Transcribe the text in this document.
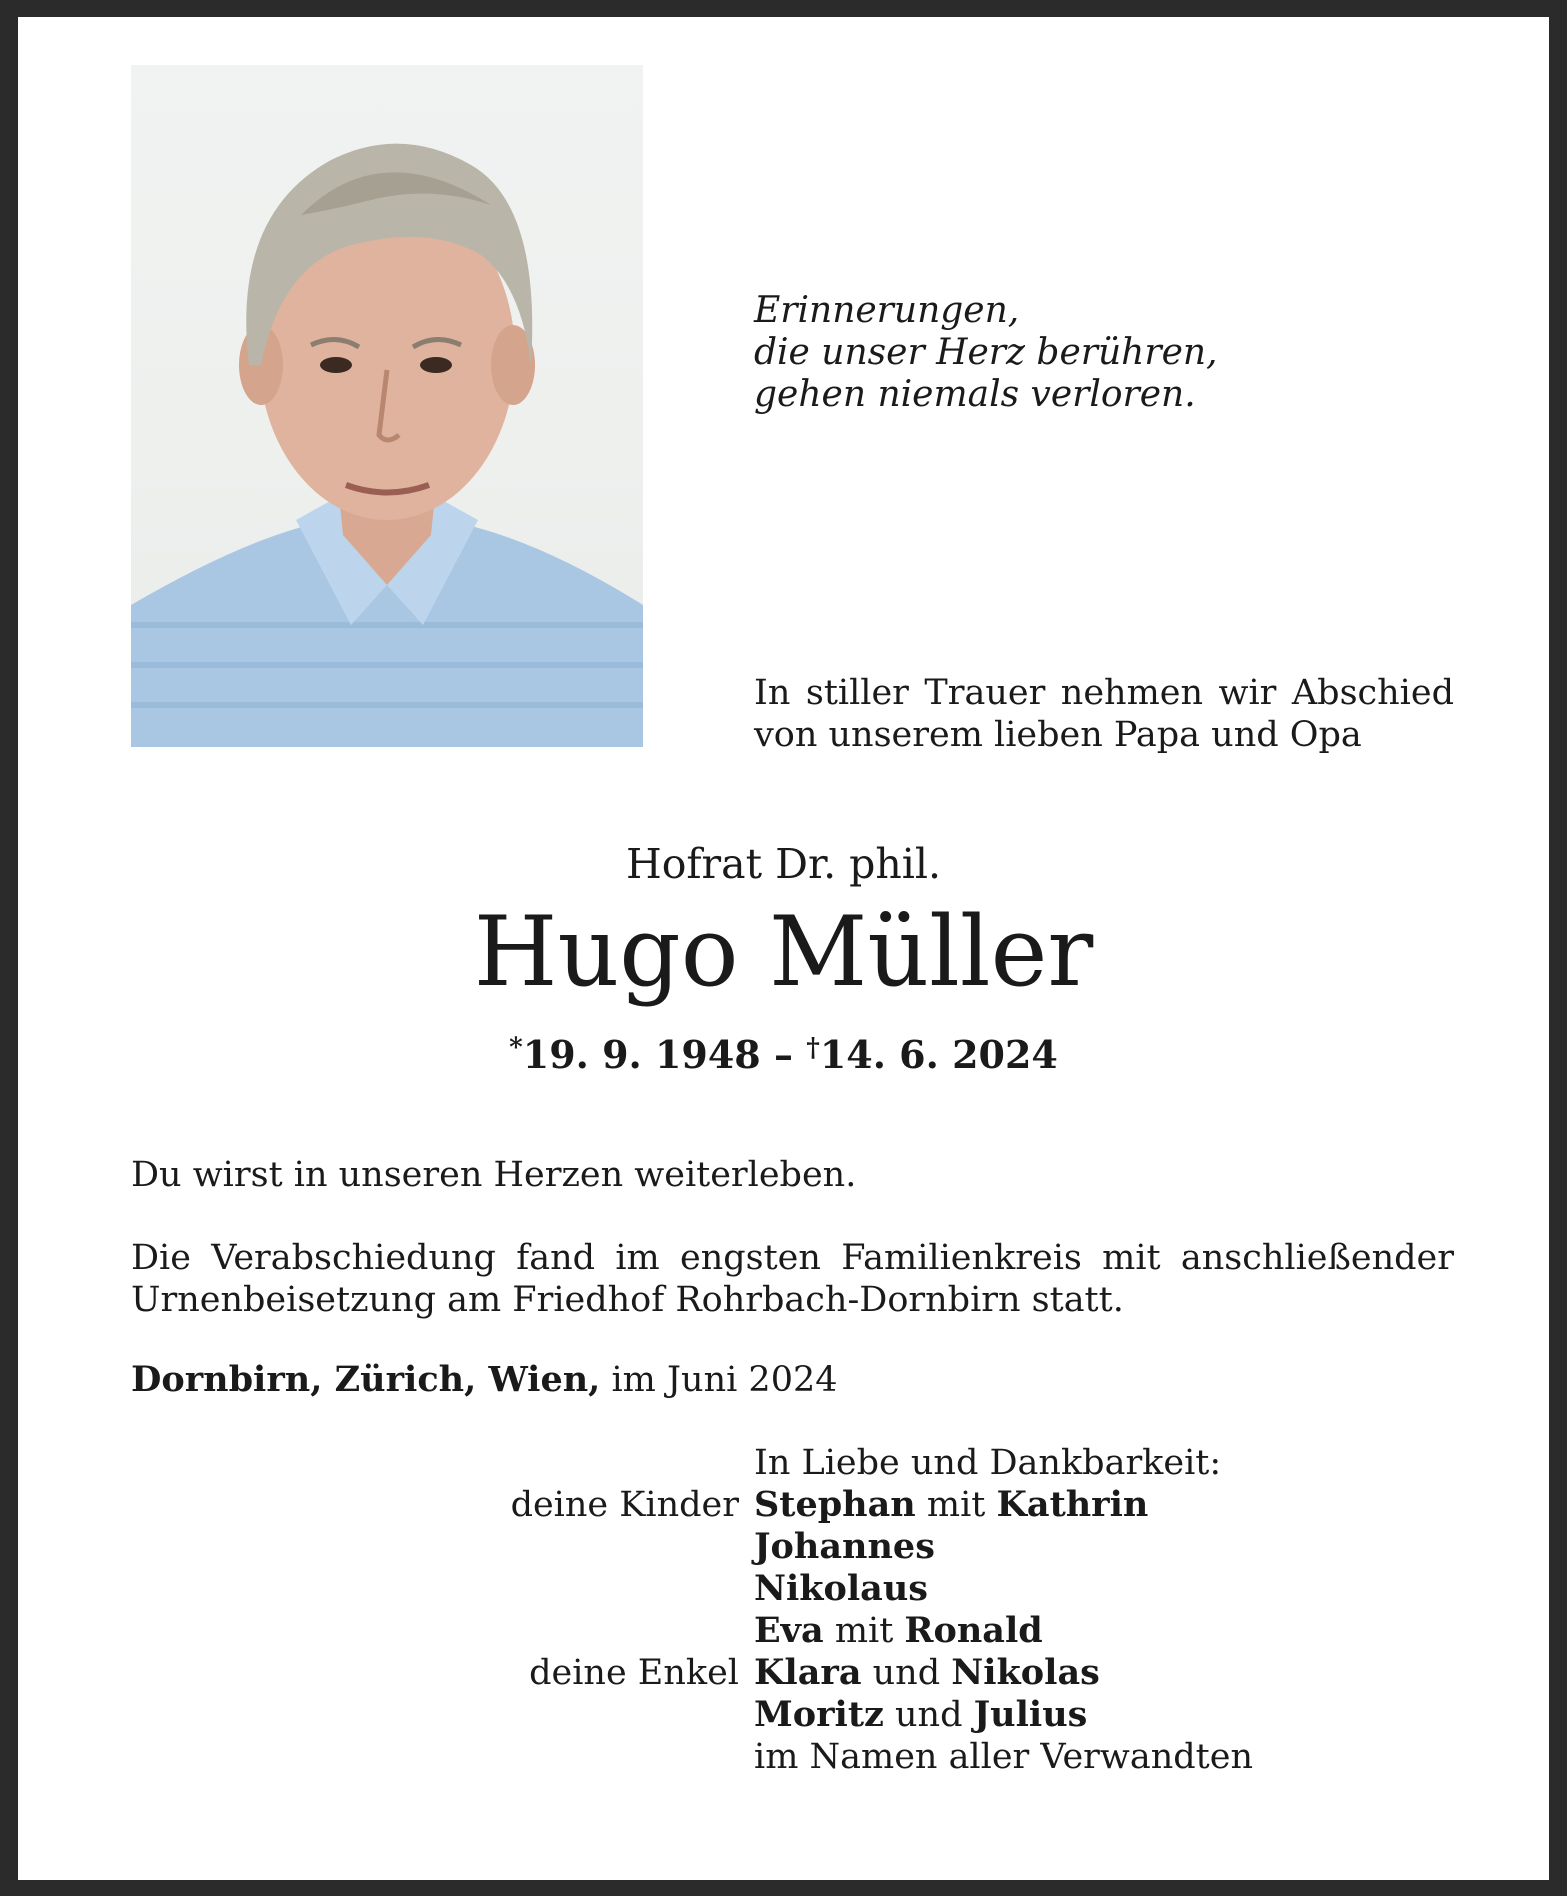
Erinnerungen,
die unser Herz berühren,
gehen niemals verloren.
In stiller Trauer nehmen wir Abschied
von unserem lieben Papa und Opa
Hofrat Dr. phil.
Hugo Müller
*19. 9. 1948 – †14. 6. 2024
Du wirst in unseren Herzen weiterleben.
Die Verabschiedung fand im engsten Familienkreis mit anschließender
Urnenbeisetzung am Friedhof Rohrbach-Dornbirn statt.
Dornbirn, Zürich, Wien, im Juni 2024
In Liebe und Dankbarkeit:
deine Kinder Stephan mit Kathrin
Johannes
Nikolaus
Eva mit Ronald
deine Enkel Klara und Nikolas
Moritz und Julius
im Namen aller Verwandten
